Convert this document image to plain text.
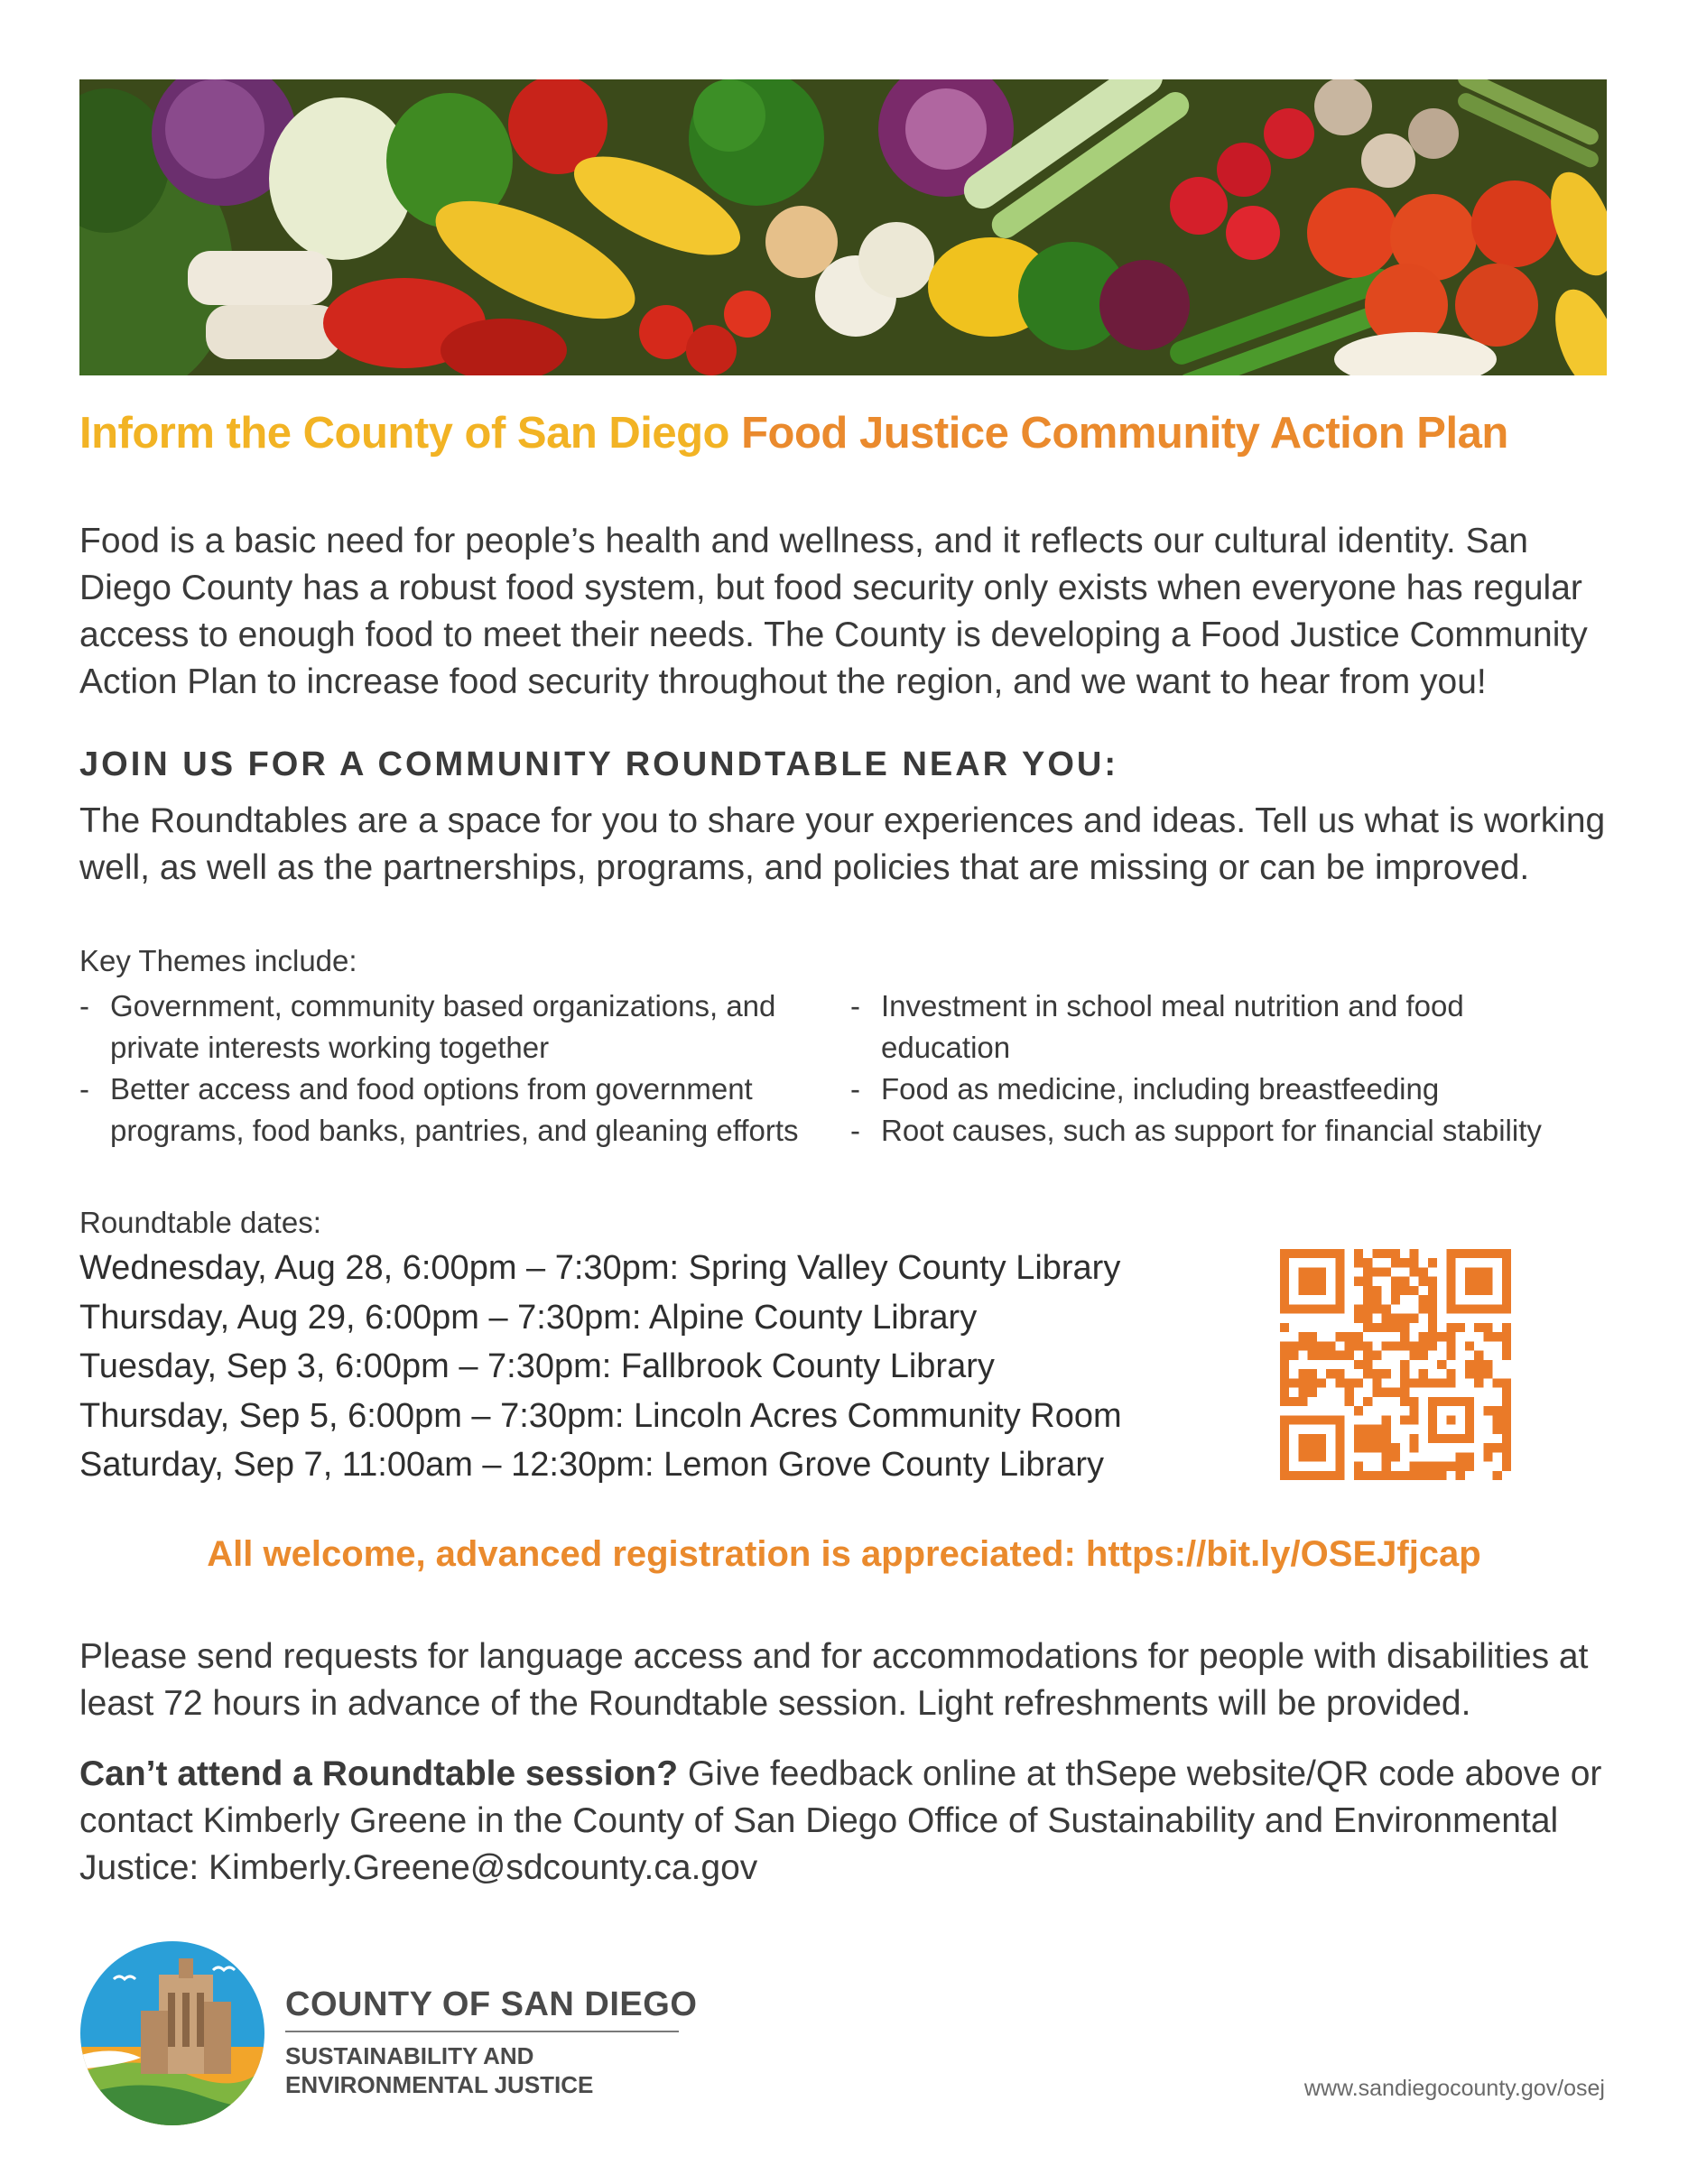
Inform the County of San Diego Food Justice Community Action Plan
Food is a basic need for people’s health and wellness, and it reflects our cultural identity. San Diego County has a robust food system, but food security only exists when everyone has regular access to enough food to meet their needs. The County is developing a Food Justice Community Action Plan to increase food security throughout the region, and we want to hear from you!
JOIN US FOR A COMMUNITY ROUNDTABLE NEAR YOU:
The Roundtables are a space for you to share your experiences and ideas. Tell us what is working well, as well as the partnerships, programs, and policies that are missing or can be improved.
Key Themes include:
- Government, community based organizations, and private interests working together
- Better access and food options from government programs, food banks, pantries, and gleaning efforts
- Investment in school meal nutrition and food education
- Food as medicine, including breastfeeding
- Root causes, such as support for financial stability
Roundtable dates:
Wednesday, Aug 28, 6:00pm – 7:30pm: Spring Valley County Library
Thursday, Aug 29, 6:00pm – 7:30pm: Alpine County Library
Tuesday, Sep 3, 6:00pm – 7:30pm: Fallbrook County Library
Thursday, Sep 5, 6:00pm – 7:30pm: Lincoln Acres Community Room
Saturday, Sep 7, 11:00am – 12:30pm: Lemon Grove County Library
All welcome, advanced registration is appreciated: https://bit.ly/OSEJfjcap
Please send requests for language access and for accommodations for people with disabilities at least 72 hours in advance of the Roundtable session. Light refreshments will be provided.
Can’t attend a Roundtable session? Give feedback online at thSepe website/QR code above or contact Kimberly Greene in the County of San Diego Office of Sustainability and Environmental Justice: Kimberly.Greene@sdcounty.ca.gov
COUNTY OF SAN DIEGO
SUSTAINABILITY AND
ENVIRONMENTAL JUSTICE	www.sandiegocounty.gov/osej
